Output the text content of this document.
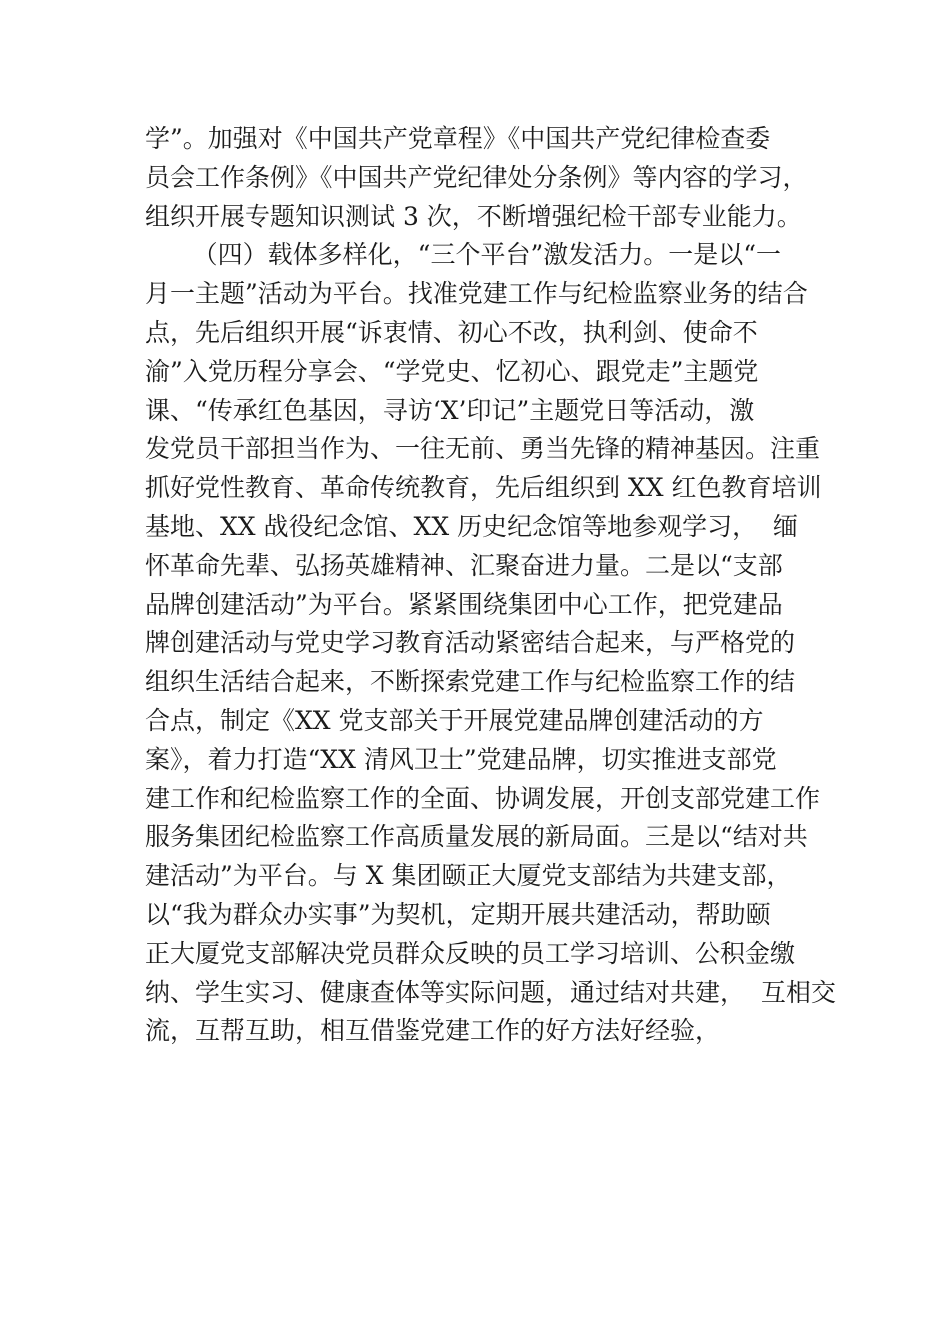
学”。加强对《中国共产党章程》《中国共产党纪律检查委
员会工作条例》《中国共产党纪律处分条例》等内容的学习，
组织开展专题知识测试 3 次，不断增强纪检干部专业能力。
（四）载体多样化，“三个平台”激发活力。一是以“一
月一主题”活动为平台。找准党建工作与纪检监察业务的结合
点，先后组织开展“诉衷情、初心不改，执利剑、使命不
渝”入党历程分享会、“学党史、忆初心、跟党走”主题党
课、“传承红色基因，寻访‘X’印记”主题党日等活动，激
发党员干部担当作为、一往无前、勇当先锋的精神基因。注重
抓好党性教育、革命传统教育，先后组织到 XX 红色教育培训
基地、XX 战役纪念馆、XX 历史纪念馆等地参观学习，  缅
怀革命先辈、弘扬英雄精神、汇聚奋进力量。二是以“支部
品牌创建活动”为平台。紧紧围绕集团中心工作，把党建品
牌创建活动与党史学习教育活动紧密结合起来，与严格党的
组织生活结合起来，不断探索党建工作与纪检监察工作的结
合点，制定《XX 党支部关于开展党建品牌创建活动的方
案》，着力打造“XX 清风卫士”党建品牌，切实推进支部党
建工作和纪检监察工作的全面、协调发展，开创支部党建工作
服务集团纪检监察工作高质量发展的新局面。三是以“结对共
建活动”为平台。与 X 集团颐正大厦党支部结为共建支部，
以“我为群众办实事”为契机，定期开展共建活动，帮助颐
正大厦党支部解决党员群众反映的员工学习培训、公积金缴
纳、学生实习、健康查体等实际问题，通过结对共建，  互相交
流，互帮互助，相互借鉴党建工作的好方法好经验，
